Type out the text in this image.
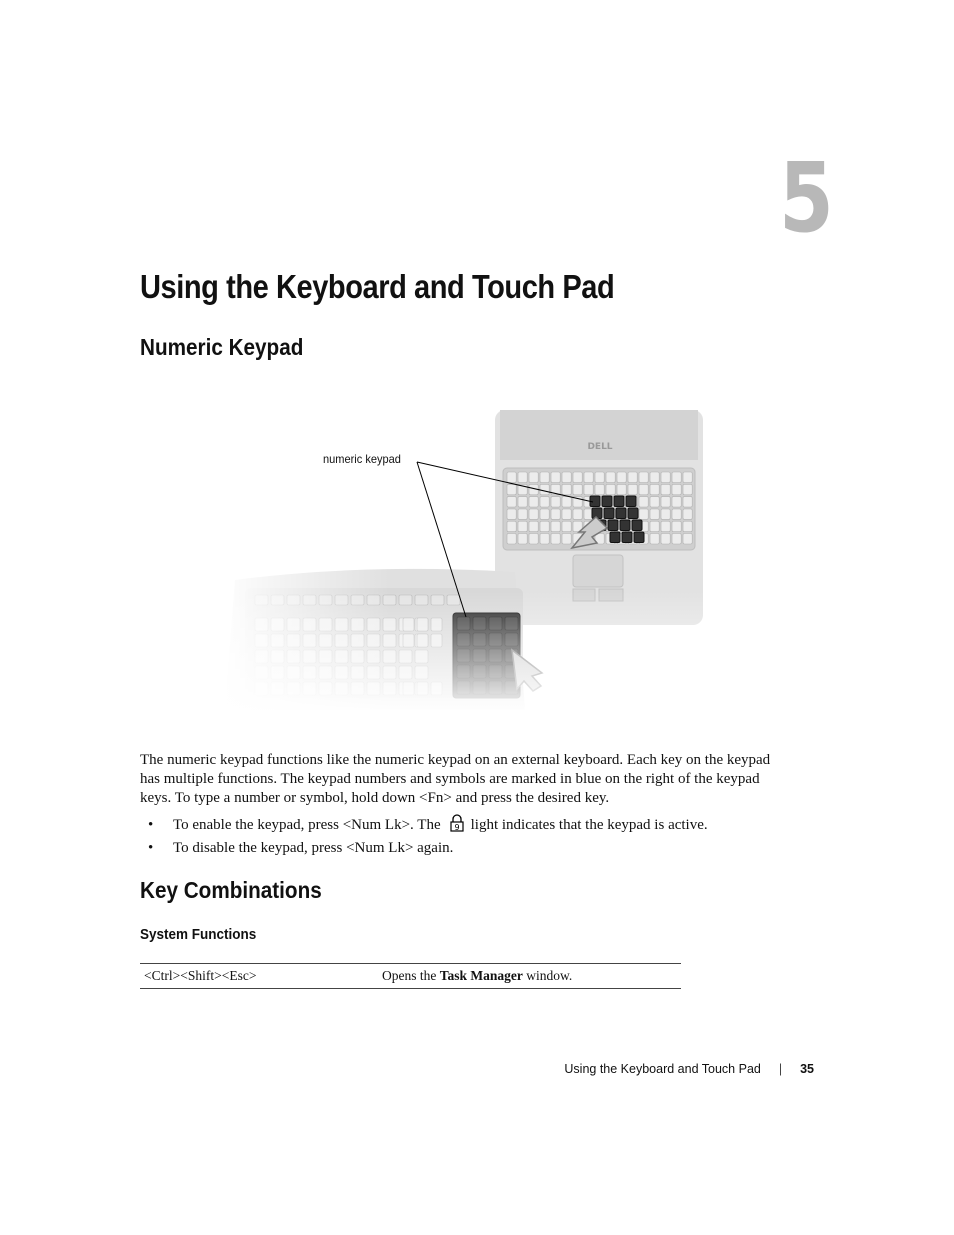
5
Using the Keyboard and Touch Pad
Numeric Keypad
numeric keypad

The numeric keypad functions like the numeric keypad on an external keyboard. Each key on the keypad has multiple functions. The keypad numbers and symbols are marked in blue on the right of the keypad keys. To type a number or symbol, hold down <Fn> and press the desired key.

• To enable the keypad, press <Num Lk>. The 9 light indicates that the keypad is active.
• To disable the keypad, press <Num Lk> again.
Key Combinations
System Functions
<Ctrl><Shift><Esc>	Opens the Task Manager window.
Using the Keyboard and Touch Pad | 35
